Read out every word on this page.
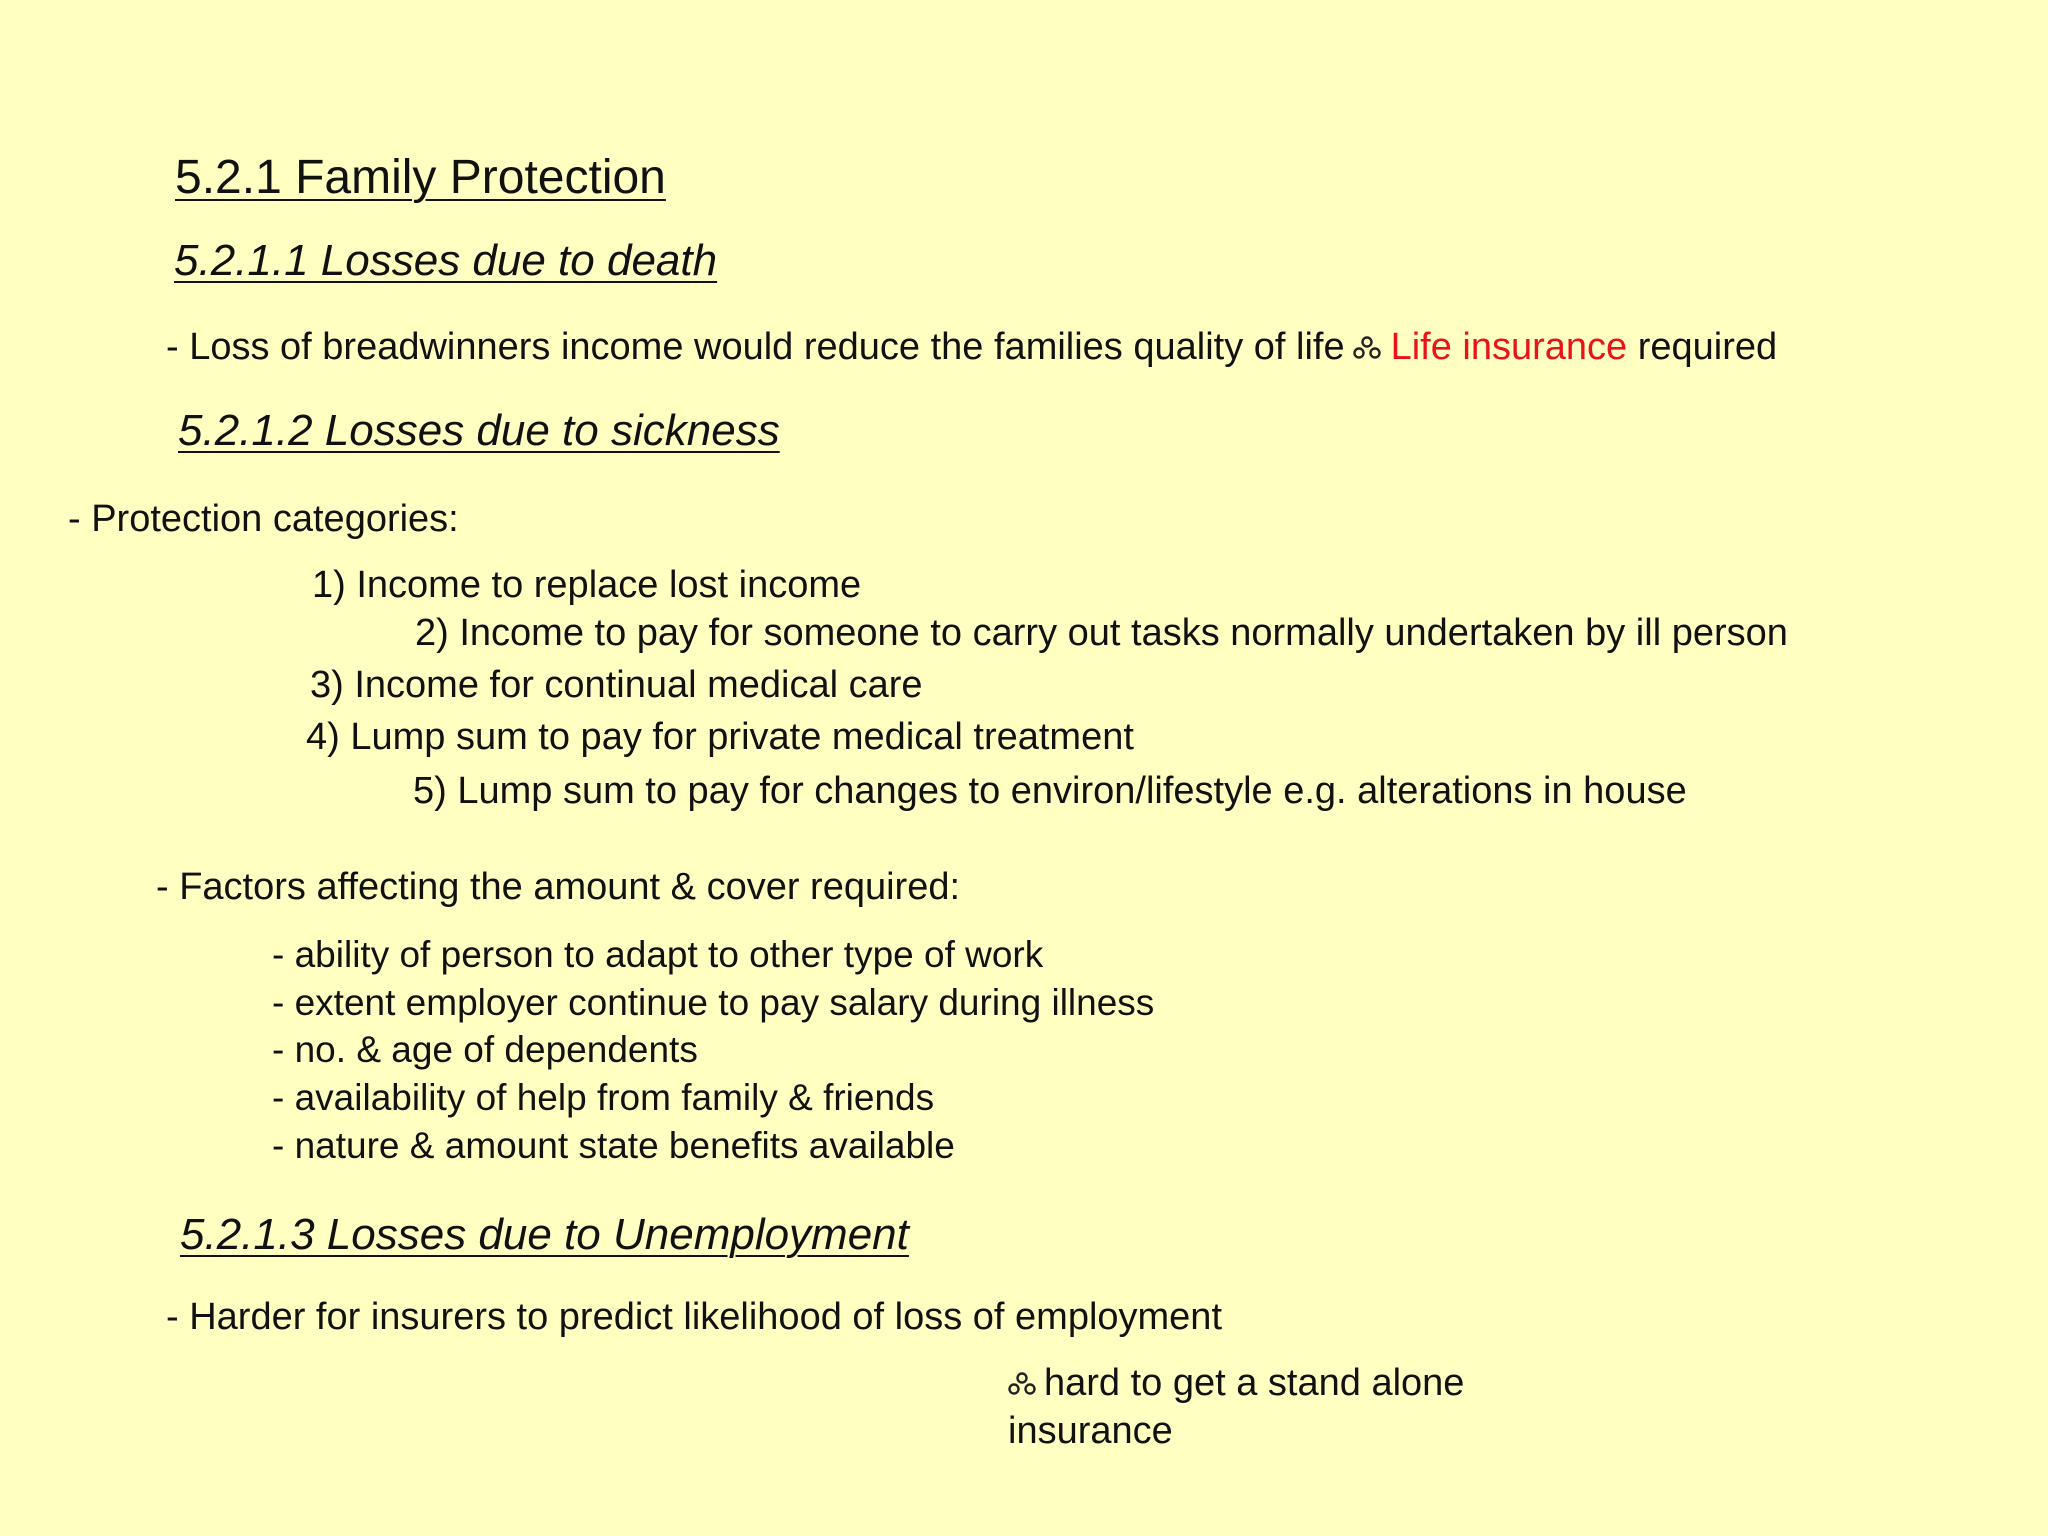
5.2.1 Family Protection
5.2.1.1 Losses due to death
- Loss of breadwinners income would reduce the families quality of life Life insurance required
5.2.1.2 Losses due to sickness
- Protection categories:
1) Income to replace lost income
2) Income to pay for someone to carry out tasks normally undertaken by ill person
3) Income for continual medical care
4) Lump sum to pay for private medical treatment
5) Lump sum to pay for changes to environ/lifestyle e.g. alterations in house
- Factors affecting the amount & cover required:
- ability of person to adapt to other type of work
- extent employer continue to pay salary during illness
- no. & age of dependents
- availability of help from family & friends
- nature & amount state benefits available
5.2.1.3 Losses due to Unemployment
- Harder for insurers to predict likelihood of loss of employment
hard to get a stand alone
insurance
